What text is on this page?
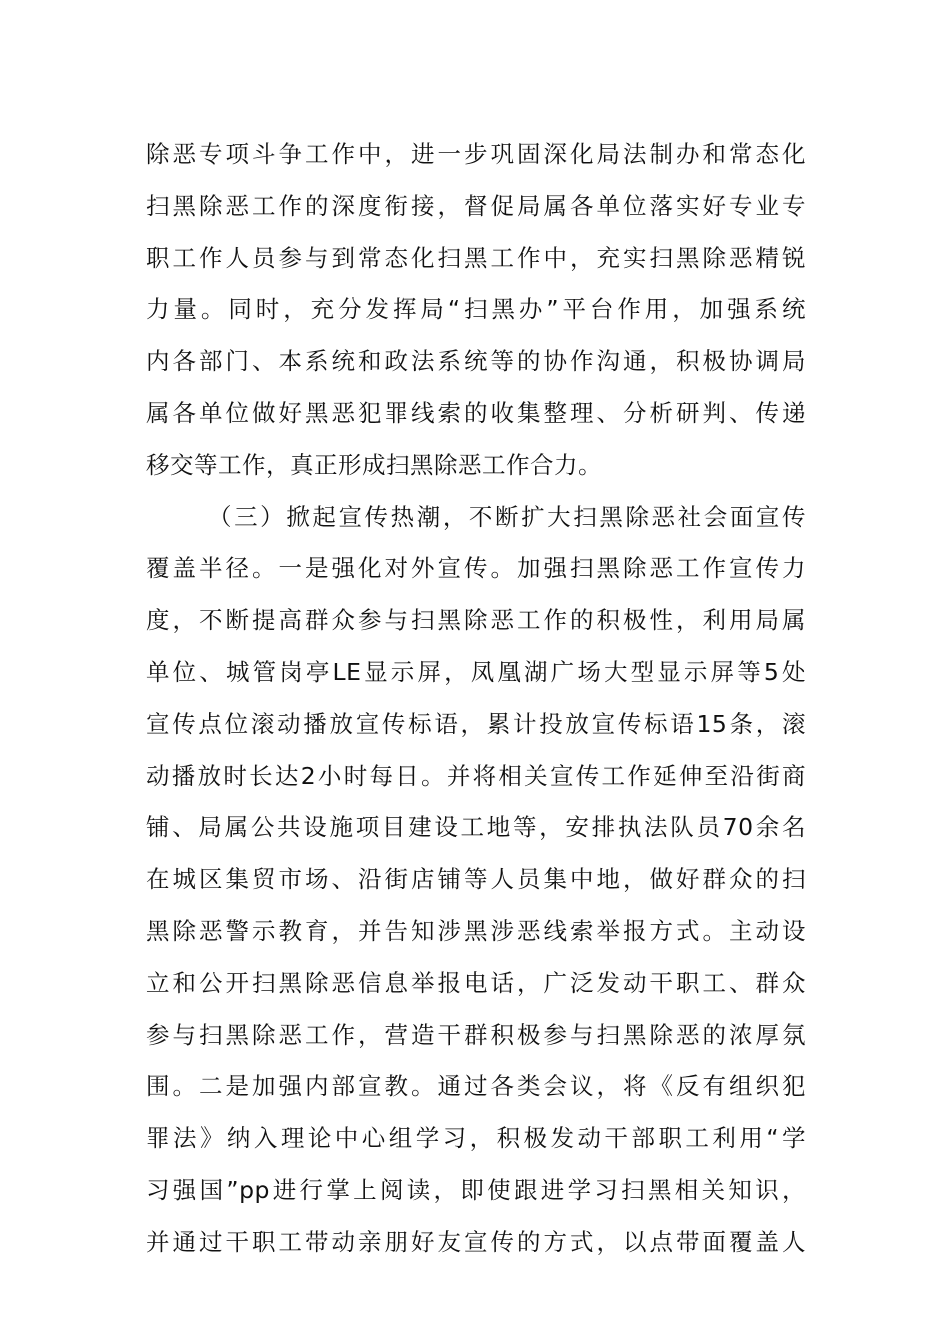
除恶专项斗争工作中，进一步巩固深化局法制办和常态化
扫黑除恶工作的深度衔接，督促局属各单位落实好专业专
职工作人员参与到常态化扫黑工作中，充实扫黑除恶精锐
力量。同时，充分发挥局“扫黑办”平台作用，加强系统
内各部门、本系统和政法系统等的协作沟通，积极协调局
属各单位做好黑恶犯罪线索的收集整理、分析研判、传递
移交等工作，真正形成扫黑除恶工作合力。
（三）掀起宣传热潮，不断扩大扫黑除恶社会面宣传
覆盖半径。一是强化对外宣传。加强扫黑除恶工作宣传力
度，不断提高群众参与扫黑除恶工作的积极性，利用局属
单位、城管岗亭LE显示屏，凤凰湖广场大型显示屏等5处
宣传点位滚动播放宣传标语，累计投放宣传标语15条，滚
动播放时长达2小时每日。并将相关宣传工作延伸至沿街商
铺、局属公共设施项目建设工地等，安排执法队员70余名
在城区集贸市场、沿街店铺等人员集中地，做好群众的扫
黑除恶警示教育，并告知涉黑涉恶线索举报方式。主动设
立和公开扫黑除恶信息举报电话，广泛发动干职工、群众
参与扫黑除恶工作，营造干群积极参与扫黑除恶的浓厚氛
围。二是加强内部宣教。通过各类会议，将《反有组织犯
罪法》纳入理论中心组学习，积极发动干部职工利用“学
习强国”pp进行掌上阅读，即使跟进学习扫黑相关知识，
并通过干职工带动亲朋好友宣传的方式，以点带面覆盖人
